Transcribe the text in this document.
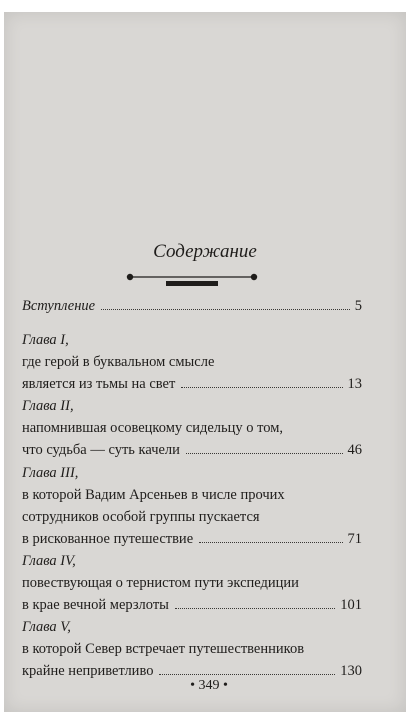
Содержание
Вступление	5
Глава I,
где герой в буквальном смысле
является из тьмы на свет	13
Глава II,
напомнившая осовецкому сидельцу о том,
что судьба — суть качели	46
Глава III,
в которой Вадим Арсеньев в числе прочих
сотрудников особой группы пускается
в рискованное путешествие	71
Глава IV,
повествующая о тернистом пути экспедиции
в крае вечной мерзлоты	101
Глава V,
в которой Север встречает путешественников
крайне неприветливо	130
• 349 •
